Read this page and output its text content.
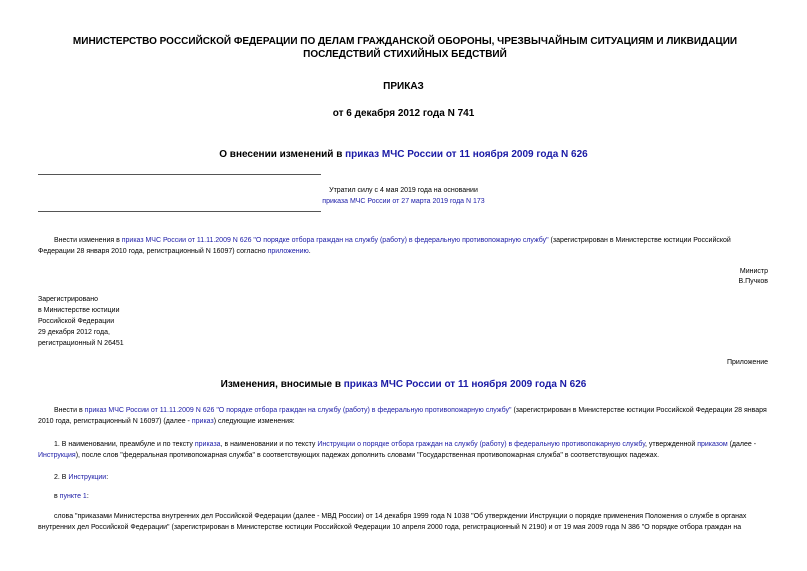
МИНИСТЕРСТВО РОССИЙСКОЙ ФЕДЕРАЦИИ ПО ДЕЛАМ ГРАЖДАНСКОЙ ОБОРОНЫ, ЧРЕЗВЫЧАЙНЫМ СИТУАЦИЯМ И ЛИКВИДАЦИИ ПОСЛЕДСТВИЙ СТИХИЙНЫХ БЕДСТВИЙ
ПРИКАЗ
от 6 декабря 2012 года N 741
О внесении изменений в приказ МЧС России от 11 ноября 2009 года N 626
Утратил силу с 4 мая 2019 года на основании
приказа МЧС России от 27 марта 2019 года N 173
Внести изменения в приказ МЧС России от 11.11.2009 N 626 "О порядке отбора граждан на службу (работу) в федеральную противопожарную службу" (зарегистрирован в Министерстве юстиции Российской Федерации 28 января 2010 года, регистрационный N 16097) согласно приложению.
Министр
В.Пучков
Зарегистрировано
в Министерстве юстиции
Российской Федерации
29 декабря 2012 года,
регистрационный N 26451
Приложение
Изменения, вносимые в приказ МЧС России от 11 ноября 2009 года N 626
Внести в приказ МЧС России от 11.11.2009 N 626 "О порядке отбора граждан на службу (работу) в федеральную противопожарную службу" (зарегистрирован в Министерстве юстиции Российской Федерации 28 января 2010 года, регистрационный N 16097) (далее - приказ) следующие изменения:
1. В наименовании, преамбуле и по тексту приказа, в наименовании и по тексту Инструкции о порядке отбора граждан на службу (работу) в федеральную противопожарную службу, утвержденной приказом (далее - Инструкция), после слов "федеральная противопожарная служба" в соответствующих падежах дополнить словами "Государственная противопожарная служба" в соответствующих падежах.
2. В Инструкции:
в пункте 1:
слова "приказами Министерства внутренних дел Российской Федерации (далее - МВД России) от 14 декабря 1999 года N 1038 "Об утверждении Инструкции о порядке применения Положения о службе в органах внутренних дел Российской Федерации" (зарегистрирован в Министерстве юстиции Российской Федерации 10 апреля 2000 года, регистрационный N 2190) и от 19 мая 2009 года N 386 "О порядке отбора граждан на
